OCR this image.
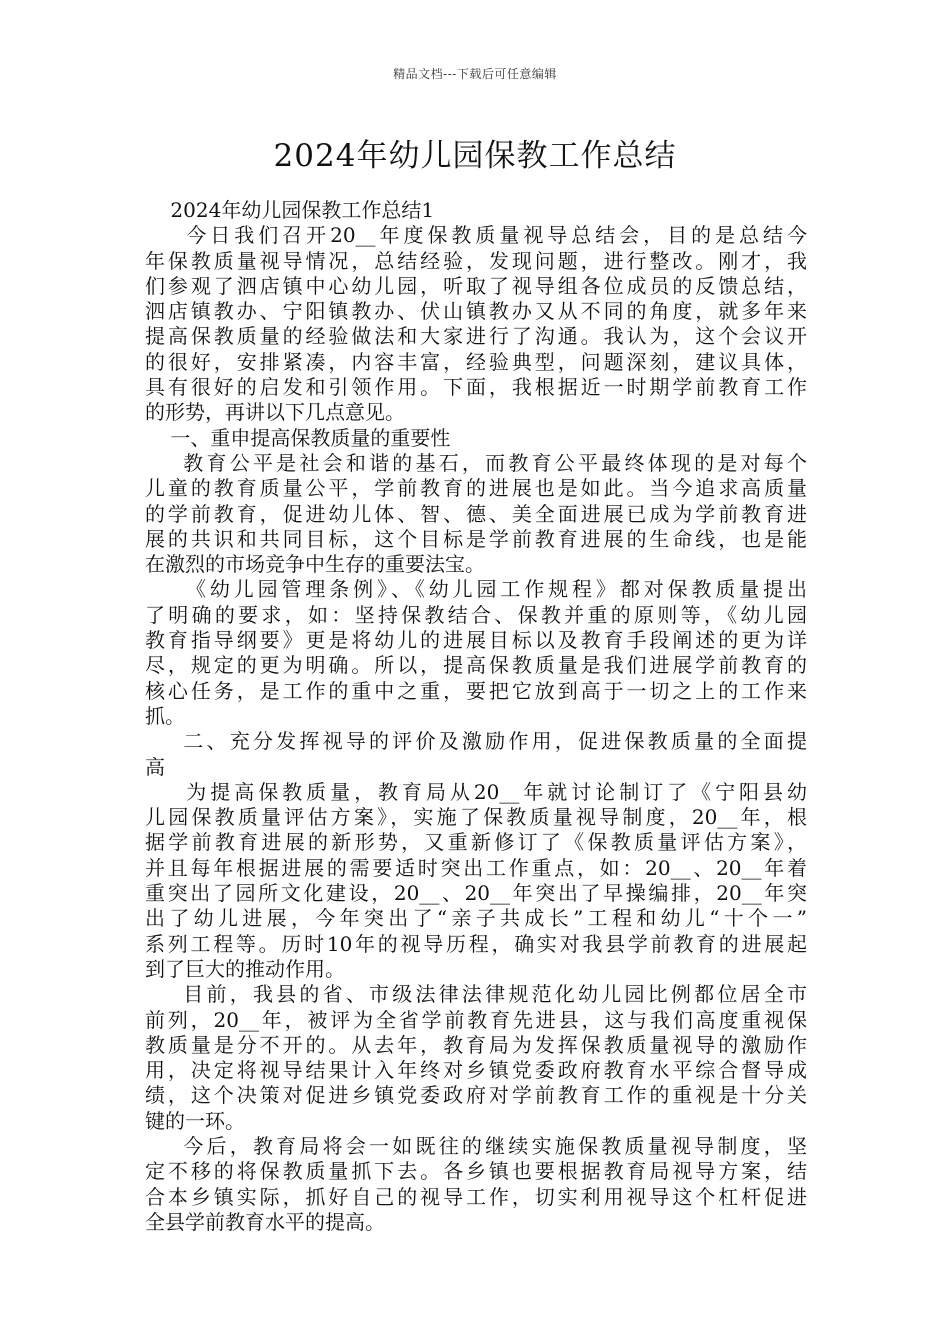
精品文档---下载后可任意编辑
2024年幼儿园保教工作总结
2024年幼儿园保教工作总结1
今日我们召开20__年度保教质量视导总结会，目的是总结今
年保教质量视导情况，总结经验，发现问题，进行整改。刚才，我
们参观了泗店镇中心幼儿园，听取了视导组各位成员的反馈总结，
泗店镇教办、宁阳镇教办、伏山镇教办又从不同的角度，就多年来
提高保教质量的经验做法和大家进行了沟通。我认为，这个会议开
的很好，安排紧凑，内容丰富，经验典型，问题深刻，建议具体，
具有很好的启发和引领作用。下面，我根据近一时期学前教育工作
的形势，再讲以下几点意见。
一、重申提高保教质量的重要性
教育公平是社会和谐的基石，而教育公平最终体现的是对每个
儿童的教育质量公平，学前教育的进展也是如此。当今追求高质量
的学前教育，促进幼儿体、智、德、美全面进展已成为学前教育进
展的共识和共同目标，这个目标是学前教育进展的生命线，也是能
在激烈的市场竞争中生存的重要法宝。
《幼儿园管理条例》、《幼儿园工作规程》都对保教质量提出
了明确的要求，如：坚持保教结合、保教并重的原则等，《幼儿园
教育指导纲要》更是将幼儿的进展目标以及教育手段阐述的更为详
尽，规定的更为明确。所以，提高保教质量是我们进展学前教育的
核心任务，是工作的重中之重，要把它放到高于一切之上的工作来
抓。
二、充分发挥视导的评价及激励作用，促进保教质量的全面提
高
为提高保教质量，教育局从20__年就讨论制订了《宁阳县幼
儿园保教质量评估方案》，实施了保教质量视导制度，20__年，根
据学前教育进展的新形势，又重新修订了《保教质量评估方案》，
并且每年根据进展的需要适时突出工作重点，如：20__、20__年着
重突出了园所文化建设，20__、20__年突出了早操编排，20__年突
出了幼儿进展，今年突出了“亲子共成长”工程和幼儿“十个一”
系列工程等。历时10年的视导历程，确实对我县学前教育的进展起
到了巨大的推动作用。
目前，我县的省、市级法律法律规范化幼儿园比例都位居全市
前列，20__年，被评为全省学前教育先进县，这与我们高度重视保
教质量是分不开的。从去年，教育局为发挥保教质量视导的激励作
用，决定将视导结果计入年终对乡镇党委政府教育水平综合督导成
绩，这个决策对促进乡镇党委政府对学前教育工作的重视是十分关
键的一环。
今后，教育局将会一如既往的继续实施保教质量视导制度，坚
定不移的将保教质量抓下去。各乡镇也要根据教育局视导方案，结
合本乡镇实际，抓好自己的视导工作，切实利用视导这个杠杆促进
全县学前教育水平的提高。
